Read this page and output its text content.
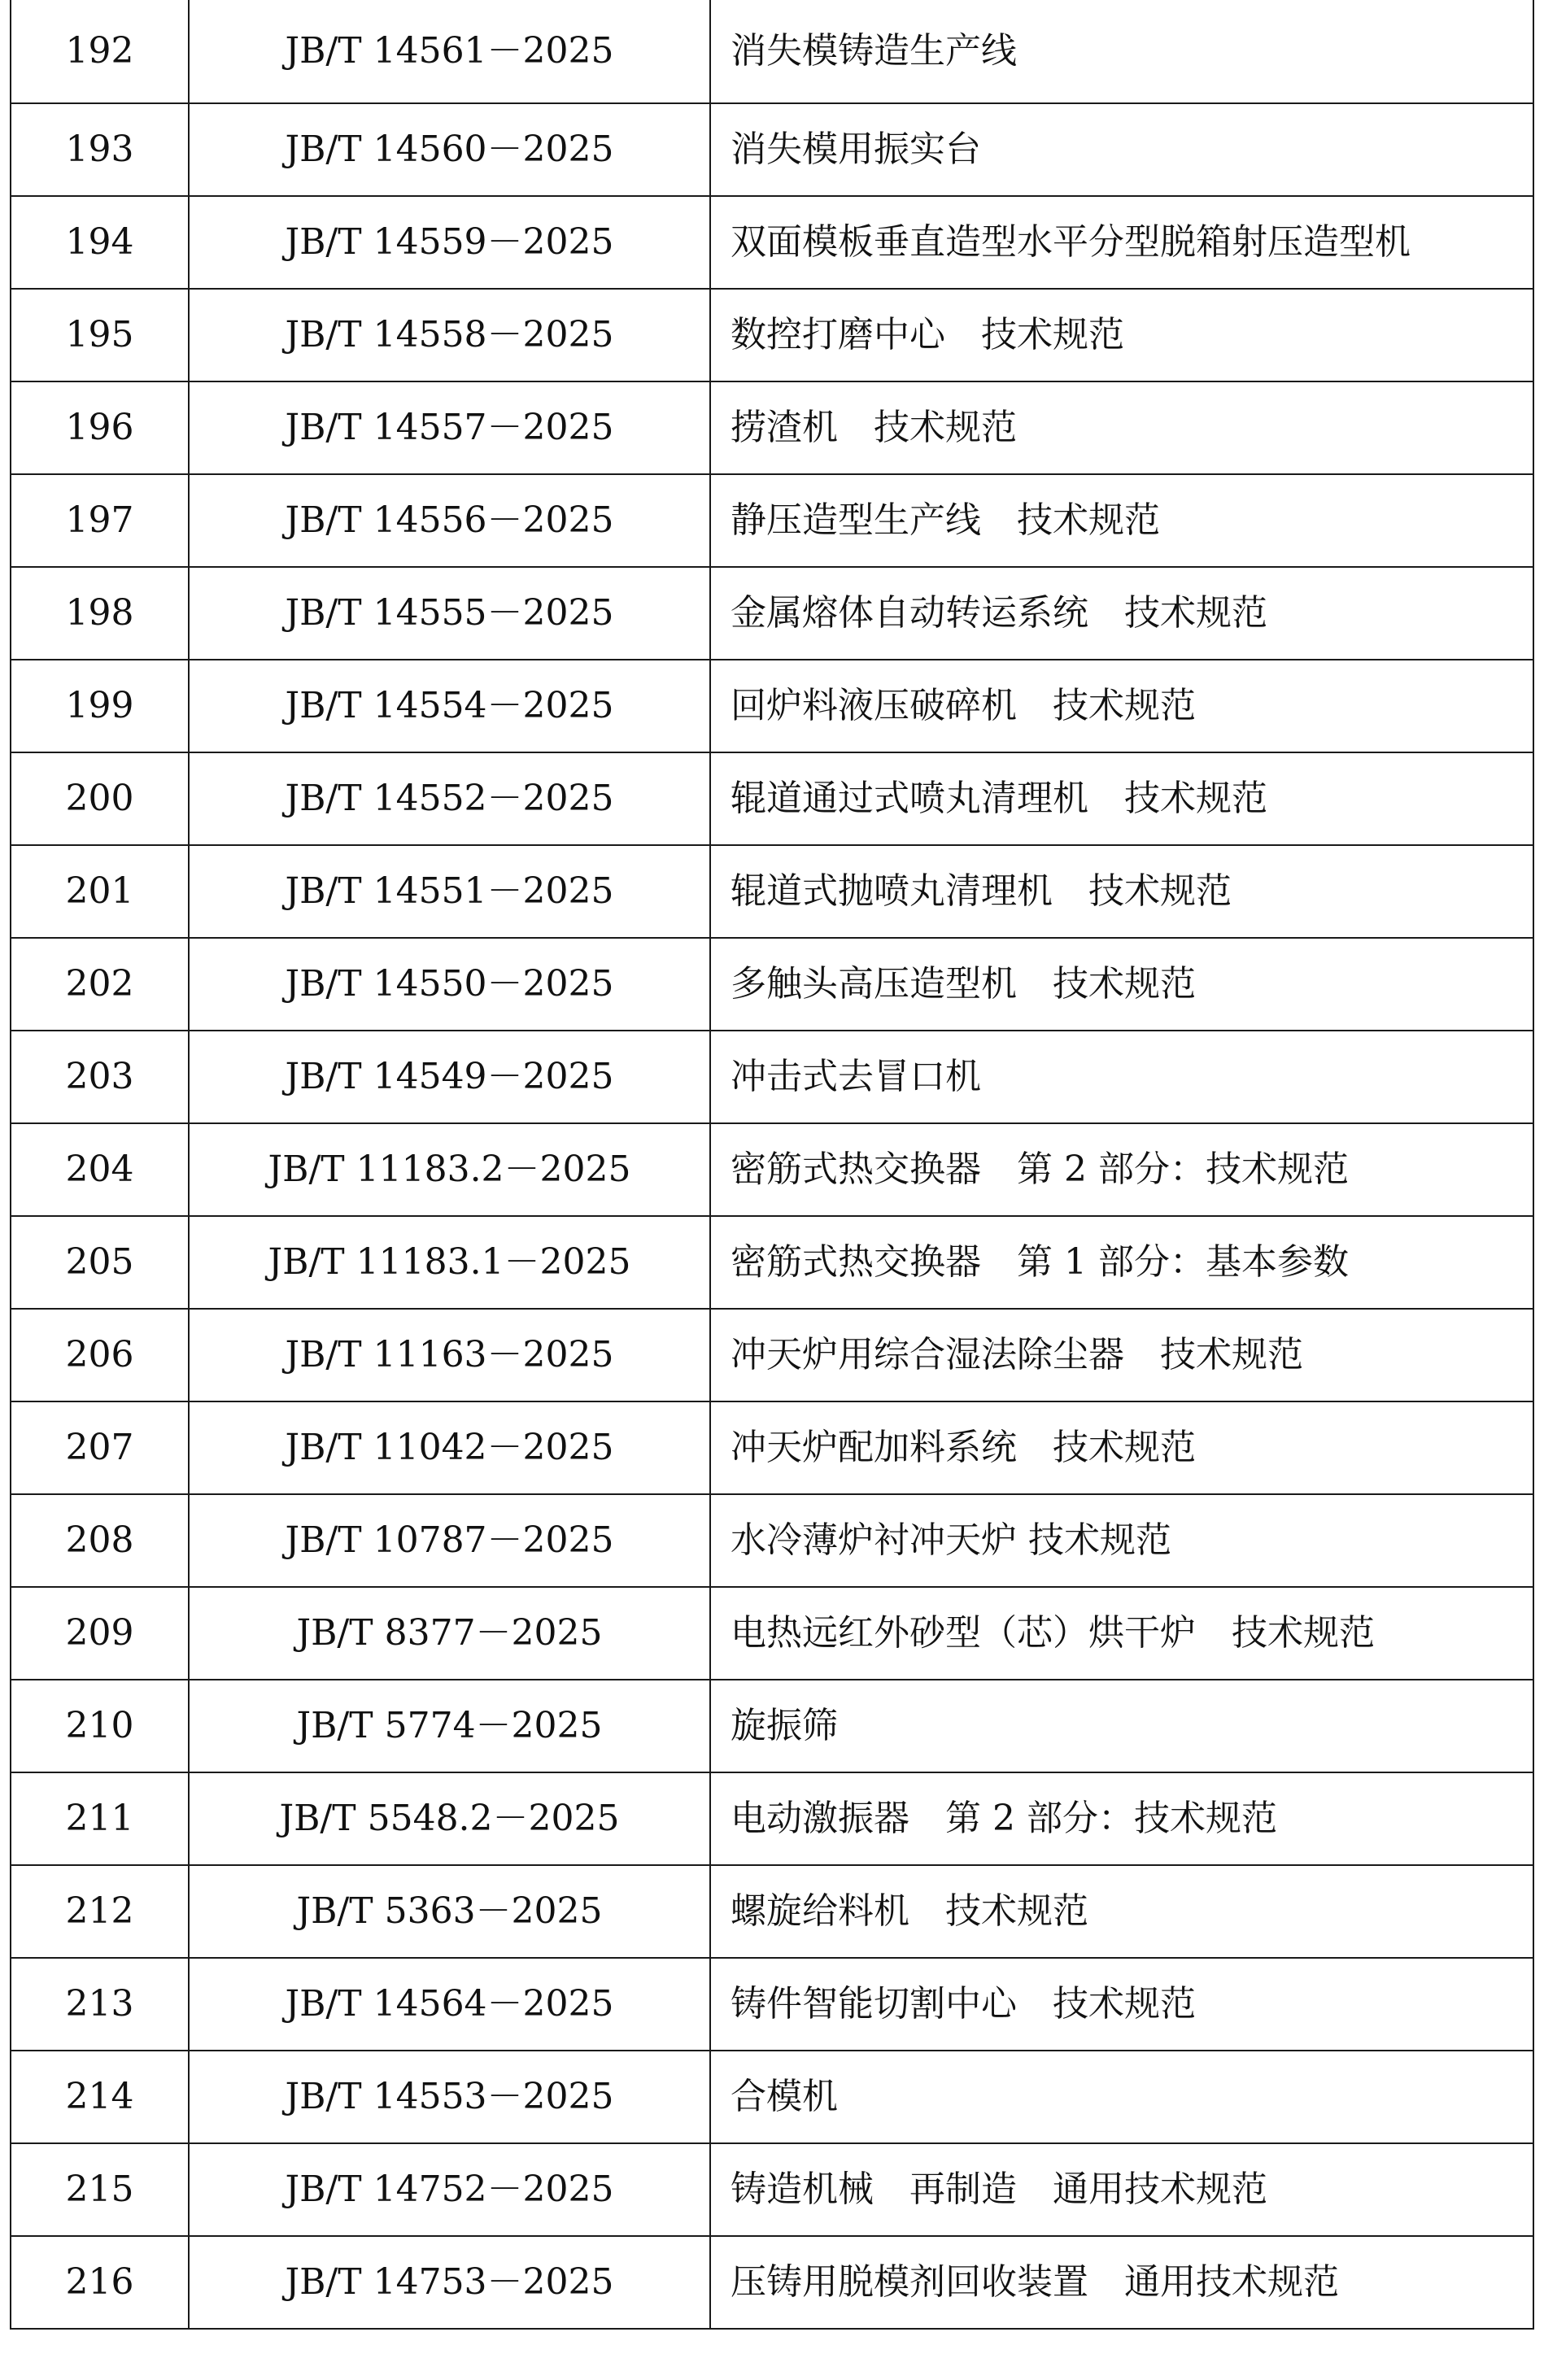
192	JB/T 14561－2025	消失模铸造生产线
193	JB/T 14560－2025	消失模用振实台
194	JB/T 14559－2025	双面模板垂直造型水平分型脱箱射压造型机
195	JB/T 14558－2025	数控打磨中心　技术规范
196	JB/T 14557－2025	捞渣机　技术规范
197	JB/T 14556－2025	静压造型生产线　技术规范
198	JB/T 14555－2025	金属熔体自动转运系统　技术规范
199	JB/T 14554－2025	回炉料液压破碎机　技术规范
200	JB/T 14552－2025	辊道通过式喷丸清理机　技术规范
201	JB/T 14551－2025	辊道式抛喷丸清理机　技术规范
202	JB/T 14550－2025	多触头高压造型机　技术规范
203	JB/T 14549－2025	冲击式去冒口机
204	JB/T 11183.2－2025	密筋式热交换器　第 2 部分：技术规范
205	JB/T 11183.1－2025	密筋式热交换器　第 1 部分：基本参数
206	JB/T 11163－2025	冲天炉用综合湿法除尘器　技术规范
207	JB/T 11042－2025	冲天炉配加料系统　技术规范
208	JB/T 10787－2025	水冷薄炉衬冲天炉 技术规范
209	JB/T 8377－2025	电热远红外砂型（芯）烘干炉　技术规范
210	JB/T 5774－2025	旋振筛
211	JB/T 5548.2－2025	电动激振器　第 2 部分：技术规范
212	JB/T 5363－2025	螺旋给料机　技术规范
213	JB/T 14564－2025	铸件智能切割中心　技术规范
214	JB/T 14553－2025	合模机
215	JB/T 14752－2025	铸造机械　再制造　通用技术规范
216	JB/T 14753－2025	压铸用脱模剂回收装置　通用技术规范
